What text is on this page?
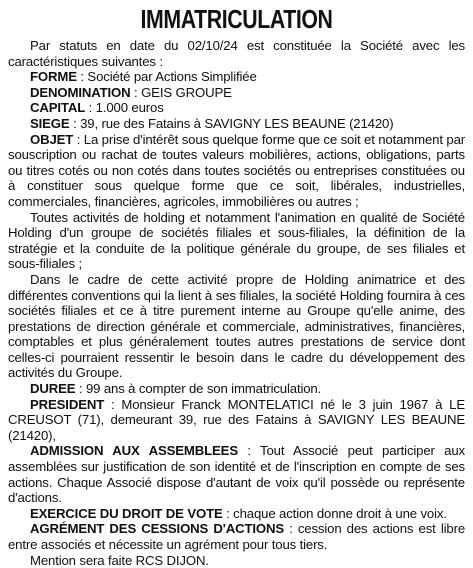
IMMATRICULATION

Par statuts en date du 02/10/24 est constituée la Société avec les caractéristiques suivantes :

FORME : Société par Actions Simplifiée

DENOMINATION : GEIS GROUPE

CAPITAL : 1.000 euros

SIEGE : 39, rue des Fatains à SAVIGNY LES BEAUNE (21420)

OBJET : La prise d'intérêt sous quelque forme que ce soit et notamment par souscription ou rachat de toutes valeurs mobilières, actions, obligations, parts ou titres cotés ou non cotés dans toutes sociétés ou entreprises constituées ou à constituer sous quelque forme que ce soit, libérales, industrielles, commerciales, financières, agricoles, immobilières ou autres ;

Toutes activités de holding et notamment l'animation en qualité de Société Holding d'un groupe de sociétés filiales et sous-filiales, la définition de la stratégie et la conduite de la politique générale du groupe, de ses filiales et sous-filiales ;

Dans le cadre de cette activité propre de Holding animatrice et des différentes conventions qui la lient à ses filiales, la société Holding fournira à ces sociétés filiales et ce à titre purement interne au Groupe qu'elle anime, des prestations de direction générale et commerciale, administratives, financières, comptables et plus généralement toutes autres prestations de service dont celles-ci pourraient ressentir le besoin dans le cadre du développement des activités du Groupe.

DUREE : 99 ans à compter de son immatriculation.

PRESIDENT : Monsieur Franck MONTELATICI né le 3 juin 1967 à LE CREUSOT (71), demeurant 39, rue des Fatains à SAVIGNY LES BEAUNE (21420),

ADMISSION AUX ASSEMBLEES : Tout Associé peut participer aux assemblées sur justification de son identité et de l'inscription en compte de ses actions. Chaque Associé dispose d'autant de voix qu'il possède ou représente d'actions.

EXERCICE DU DROIT DE VOTE : chaque action donne droit à une voix.

AGRÉMENT DES CESSIONS D'ACTIONS : cession des actions est libre entre associés et nécessite un agrément pour tous tiers.

Mention sera faite RCS DIJON.
